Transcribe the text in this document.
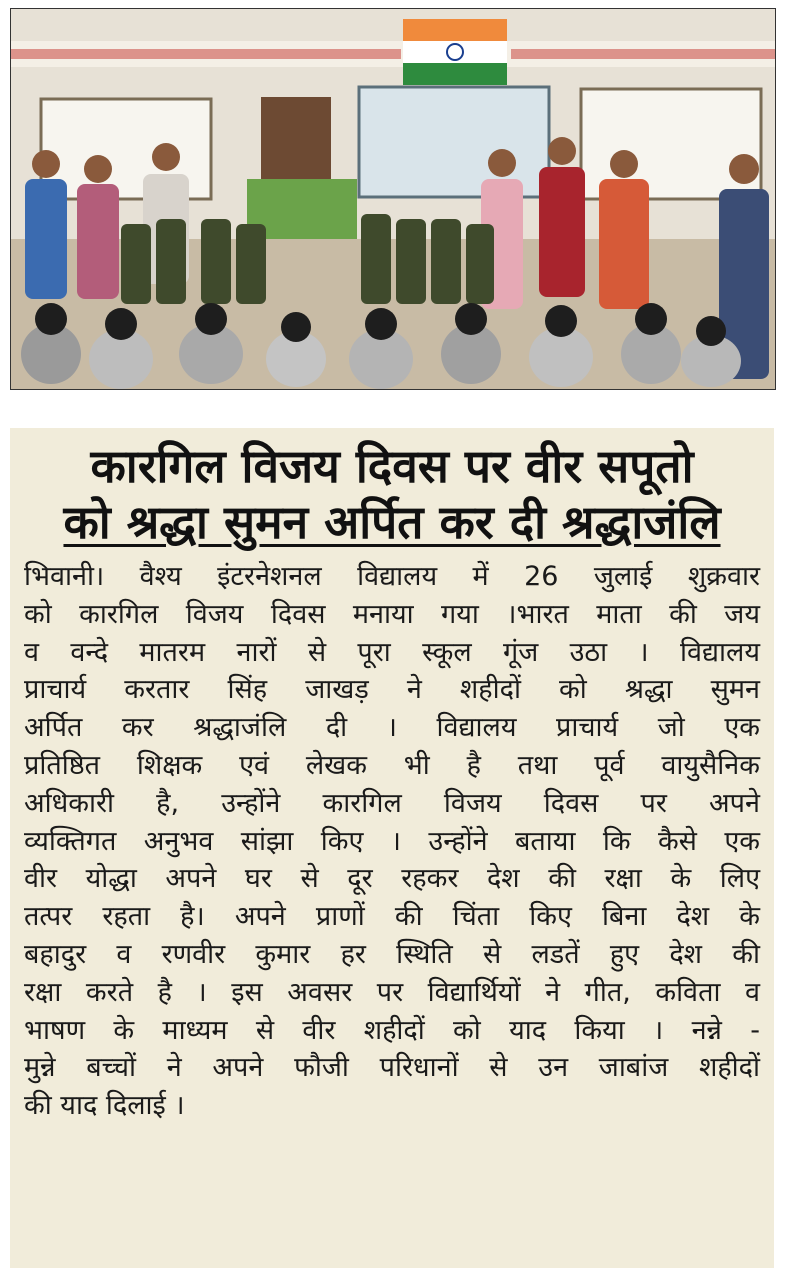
कारगिल विजय दिवस पर वीर सपूतो
को श्रद्धा सुमन अर्पित कर दी श्रद्धाजंलि
भिवानी। वैश्य इंटरनेशनल विद्यालय में 26 जुलाई शुक्रवार
को कारगिल विजय दिवस मनाया गया ।भारत माता की जय
व वन्दे मातरम नारों से पूरा स्कूल गूंज उठा । विद्यालय
प्राचार्य करतार सिंह जाखड़ ने शहीदों को श्रद्धा सुमन
अर्पित कर श्रद्धाजंलि दी । विद्यालय प्राचार्य जो एक
प्रतिष्ठित शिक्षक एवं लेखक भी है तथा पूर्व वायुसैनिक
अधिकारी है, उन्होंने कारगिल विजय दिवस पर अपने
व्यक्तिगत अनुभव सांझा किए । उन्होंने बताया कि कैसे एक
वीर योद्धा अपने घर से दूर रहकर देश की रक्षा के लिए
तत्पर रहता है। अपने प्राणों की चिंता किए बिना देश के
बहादुर व रणवीर कुमार हर स्थिति से लडतें हुए देश की
रक्षा करते है । इस अवसर पर विद्यार्थियों ने गीत, कविता व
भाषण के माध्यम से वीर शहीदों को याद किया । नन्ने -
मुन्ने बच्चों ने अपने फौजी परिधानों से उन जाबांज शहीदों
की याद दिलाई ।
